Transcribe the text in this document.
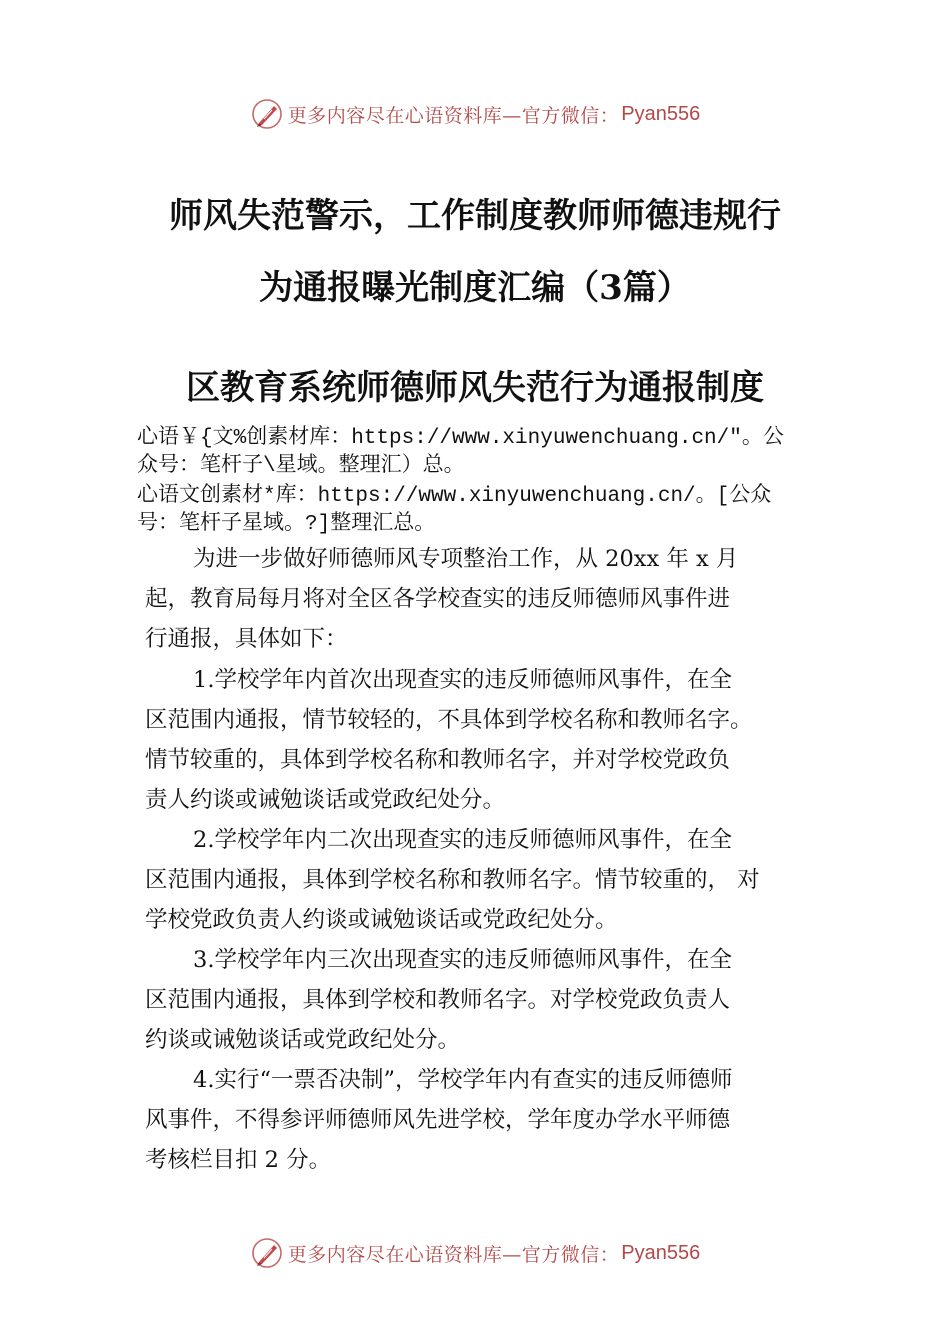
更多内容尽在心语资料库—官方微信： Pyan556
师风失范警示，工作制度教师师德违规行
为通报曝光制度汇编（3篇）
区教育系统师德师风失范行为通报制度

心语￥{文%创素材库：https://www.xinyuwenchuang.cn/″。公

众号：笔杆子\星域。整理汇）总。

心语文创素材*库：https://www.xinyuwenchuang.cn/。[公众

号：笔杆子星域。?]整理汇总。

为进一步做好师德师风专项整治工作，从 20xx 年 x 月
起，教育局每月将对全区各学校查实的违反师德师风事件进
行通报，具体如下：
1.学校学年内首次出现查实的违反师德师风事件，在全
区范围内通报，情节较轻的，不具体到学校名称和教师名字。
情节较重的，具体到学校名称和教师名字，并对学校党政负
责人约谈或诫勉谈话或党政纪处分。
2.学校学年内二次出现查实的违反师德师风事件，在全
区范围内通报，具体到学校名称和教师名字。情节较重的， 对
学校党政负责人约谈或诫勉谈话或党政纪处分。
3.学校学年内三次出现查实的违反师德师风事件，在全
区范围内通报，具体到学校和教师名字。对学校党政负责人
约谈或诫勉谈话或党政纪处分。
4.实行“一票否决制”，学校学年内有查实的违反师德师
风事件，不得参评师德师风先进学校，学年度办学水平师德
考核栏目扣 2 分。
更多内容尽在心语资料库—官方微信： Pyan556
